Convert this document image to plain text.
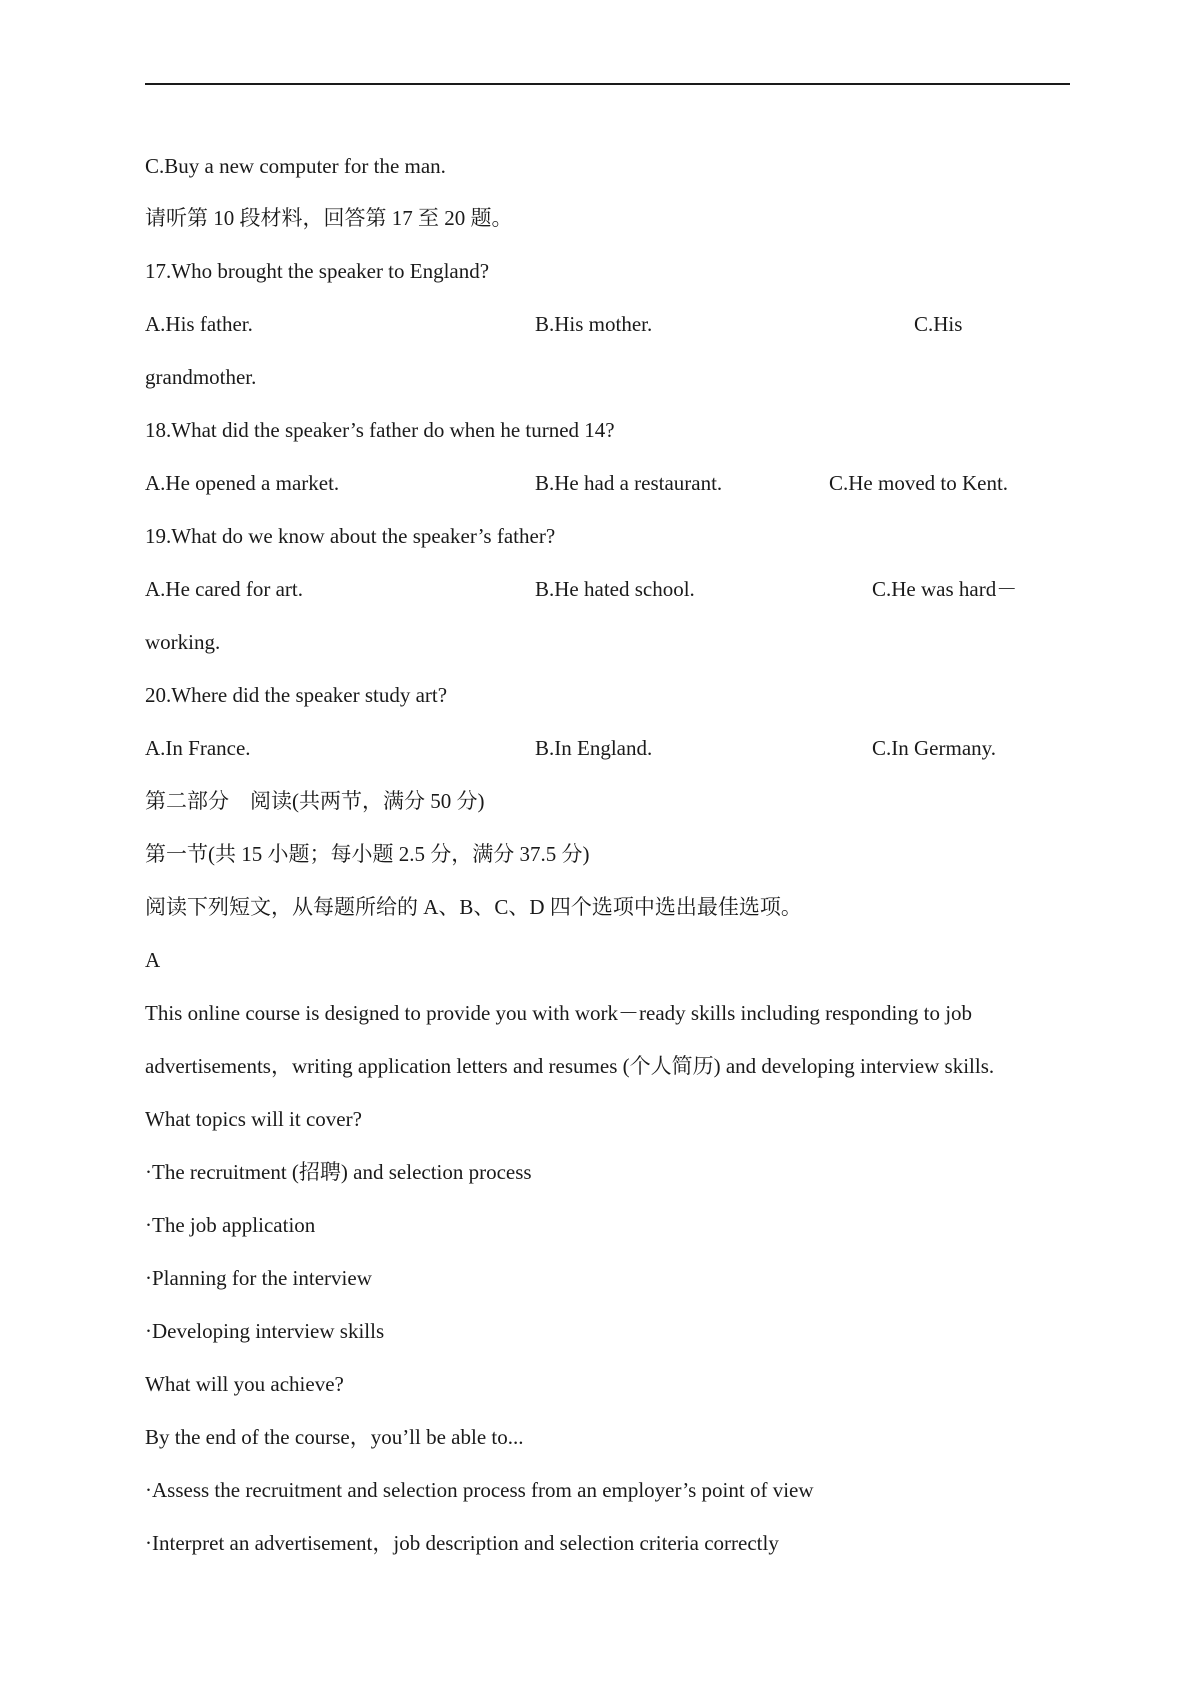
C.Buy a new computer for the man.
请听第 10 段材料，回答第 17 至 20 题。
17.Who brought the speaker to England?
A.His father.	B.His mother.	C.His
grandmother.
18.What did the speaker’s father do when he turned 14?
A.He opened a market.	B.He had a restaurant.	C.He moved to Kent.
19.What do we know about the speaker’s father?
A.He cared for art.	B.He hated school.	C.He was hard－
working.
20.Where did the speaker study art?
A.In France.	B.In England.	C.In Germany.
第二部分　阅读(共两节，满分 50 分)
第一节(共 15 小题；每小题 2.5 分，满分 37.5 分)
阅读下列短文，从每题所给的 A、B、C、D 四个选项中选出最佳选项。
A
This online course is designed to provide you with work－ready skills including responding to job
advertisements，writing application letters and resumes (个人简历) and developing interview skills.
What topics will it cover?
·The recruitment (招聘) and selection process
·The job application
·Planning for the interview
·Developing interview skills
What will you achieve?
By the end of the course，you’ll be able to...
·Assess the recruitment and selection process from an employer’s point of view
·Interpret an advertisement，job description and selection criteria correctly
